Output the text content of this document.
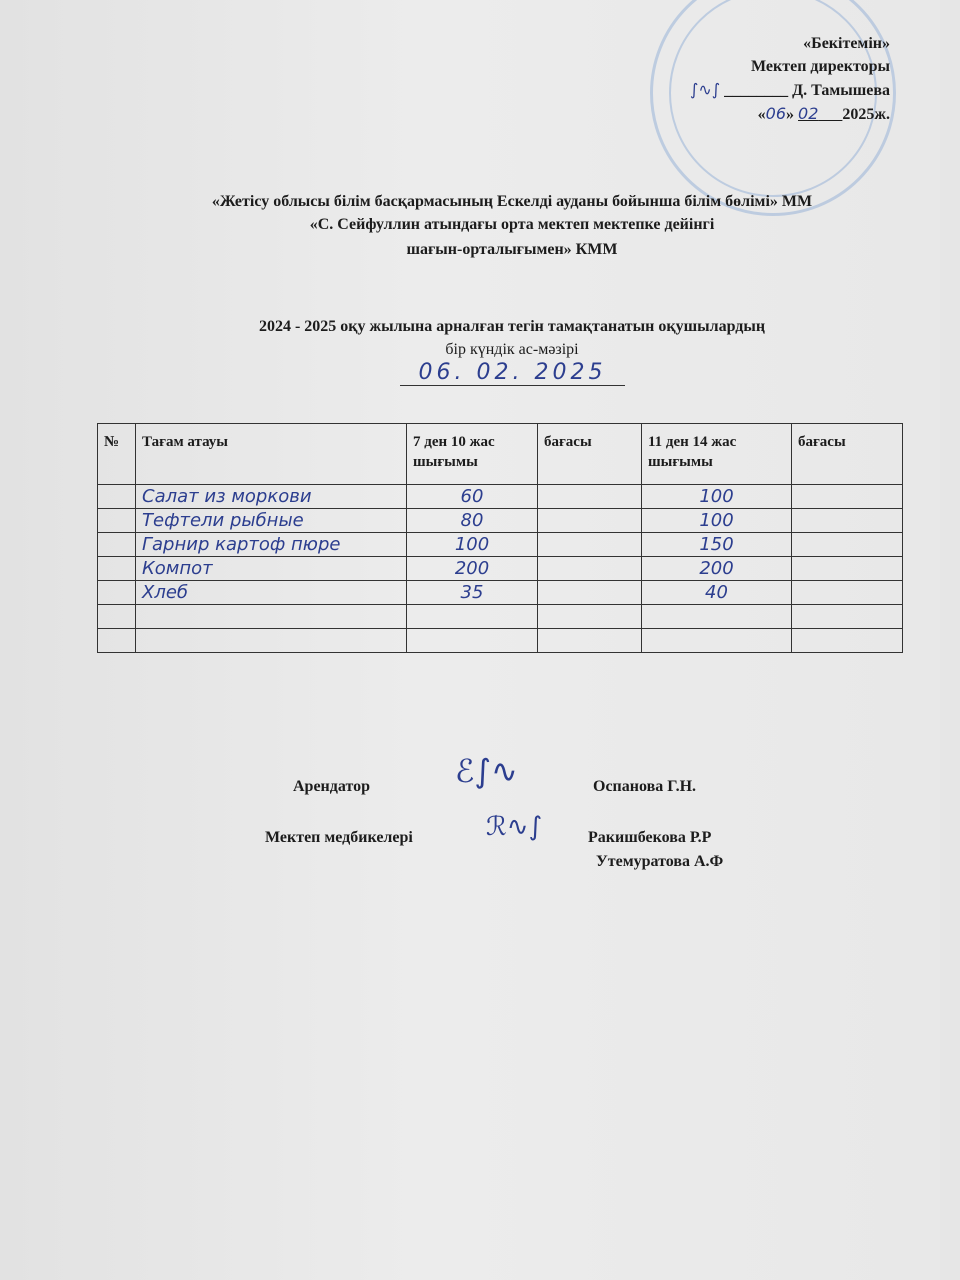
«Бекітемін»
Мектеп директоры
∫∿∫ ________ Д. Тамышева
«06» 02 2025ж.
«Жетісу облысы білім басқармасының Ескелді ауданы бойынша білім бөлімі» ММ
«С. Сейфуллин атындағы орта мектеп мектепке дейінгі
шағын-орталығымен» КММ
2024 - 2025 оқу жылына арналған тегін тамақтанатын оқушылардың
бір күндік ас-мәзірі
06. 02. 2025
№	Тағам атауы	7 ден 10 жас шығымы	бағасы	11 ден 14 жас шығымы	бағасы
	Салат из моркови	60		100	
	Тефтели рыбные	80		100	
	Гарнир картоф пюре	100		150	
	Компот	200		200	
	Хлеб	35		40	

Арендатор	ℰ∫∿	Оспанова Г.Н.
Мектеп медбикелері	ℛ∿∫	Ракишбекова Р.Р
Утемуратова А.Ф
